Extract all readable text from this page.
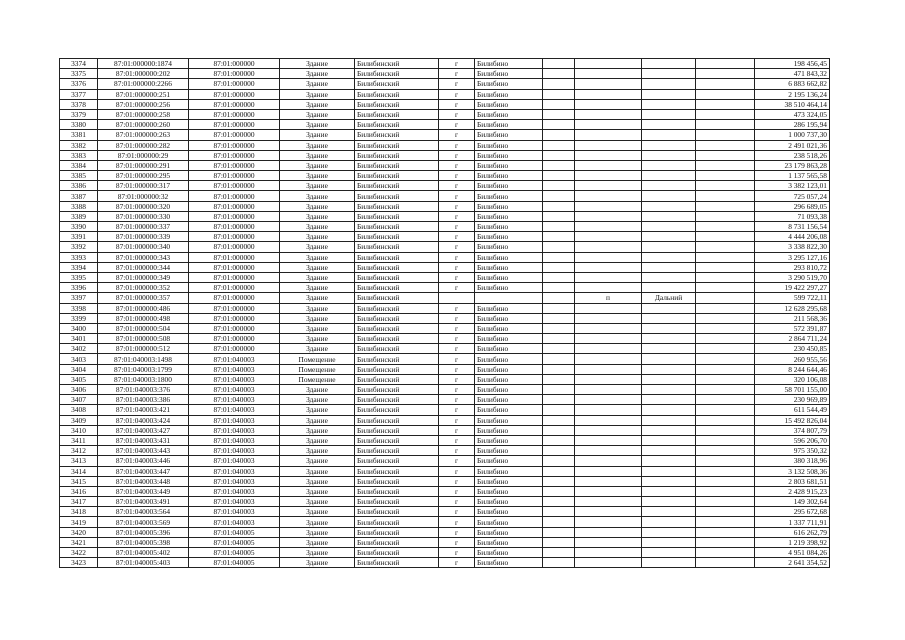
3374	87:01:000000:1874	87:01:000000	Здание	Билибинский	г	Билибино					198 456,45
3375	87:01:000000:202	87:01:000000	Здание	Билибинский	г	Билибино					471 843,32
3376	87:01:000000:2266	87:01:000000	Здание	Билибинский	г	Билибино					6 883 662,82
3377	87:01:000000:251	87:01:000000	Здание	Билибинский	г	Билибино					2 195 136,24
3378	87:01:000000:256	87:01:000000	Здание	Билибинский	г	Билибино					38 510 464,14
3379	87:01:000000:258	87:01:000000	Здание	Билибинский	г	Билибино					473 324,05
3380	87:01:000000:260	87:01:000000	Здание	Билибинский	г	Билибино					286 195,94
3381	87:01:000000:263	87:01:000000	Здание	Билибинский	г	Билибино					1 000 737,30
3382	87:01:000000:282	87:01:000000	Здание	Билибинский	г	Билибино					2 491 021,36
3383	87:01:000000:29	87:01:000000	Здание	Билибинский	г	Билибино					238 518,26
3384	87:01:000000:291	87:01:000000	Здание	Билибинский	г	Билибино					23 179 863,28
3385	87:01:000000:295	87:01:000000	Здание	Билибинский	г	Билибино					1 137 565,58
3386	87:01:000000:317	87:01:000000	Здание	Билибинский	г	Билибино					3 382 123,01
3387	87:01:000000:32	87:01:000000	Здание	Билибинский	г	Билибино					725 057,24
3388	87:01:000000:320	87:01:000000	Здание	Билибинский	г	Билибино					296 689,05
3389	87:01:000000:330	87:01:000000	Здание	Билибинский	г	Билибино					71 093,38
3390	87:01:000000:337	87:01:000000	Здание	Билибинский	г	Билибино					8 731 156,54
3391	87:01:000000:339	87:01:000000	Здание	Билибинский	г	Билибино					4 444 206,08
3392	87:01:000000:340	87:01:000000	Здание	Билибинский	г	Билибино					3 338 822,30
3393	87:01:000000:343	87:01:000000	Здание	Билибинский	г	Билибино					3 295 127,16
3394	87:01:000000:344	87:01:000000	Здание	Билибинский	г	Билибино					293 810,72
3395	87:01:000000:349	87:01:000000	Здание	Билибинский	г	Билибино					3 290 519,70
3396	87:01:000000:352	87:01:000000	Здание	Билибинский	г	Билибино					19 422 297,27
3397	87:01:000000:357	87:01:000000	Здание	Билибинский				п	Дальний		599 722,11
3398	87:01:000000:486	87:01:000000	Здание	Билибинский	г	Билибино					12 628 295,68
3399	87:01:000000:498	87:01:000000	Здание	Билибинский	г	Билибино					211 568,36
3400	87:01:000000:504	87:01:000000	Здание	Билибинский	г	Билибино					572 391,87
3401	87:01:000000:508	87:01:000000	Здание	Билибинский	г	Билибино					2 864 711,24
3402	87:01:000000:512	87:01:000000	Здание	Билибинский	г	Билибино					230 450,85
3403	87:01:040003:1498	87:01:040003	Помещение	Билибинский	г	Билибино					260 955,56
3404	87:01:040003:1799	87:01:040003	Помещение	Билибинский	г	Билибино					8 244 644,46
3405	87:01:040003:1800	87:01:040003	Помещение	Билибинский	г	Билибино					320 106,08
3406	87:01:040003:376	87:01:040003	Здание	Билибинский	г	Билибино					58 701 155,00
3407	87:01:040003:386	87:01:040003	Здание	Билибинский	г	Билибино					230 969,89
3408	87:01:040003:421	87:01:040003	Здание	Билибинский	г	Билибино					611 544,49
3409	87:01:040003:424	87:01:040003	Здание	Билибинский	г	Билибино					15 492 826,04
3410	87:01:040003:427	87:01:040003	Здание	Билибинский	г	Билибино					374 807,79
3411	87:01:040003:431	87:01:040003	Здание	Билибинский	г	Билибино					596 206,70
3412	87:01:040003:443	87:01:040003	Здание	Билибинский	г	Билибино					975 350,32
3413	87:01:040003:446	87:01:040003	Здание	Билибинский	г	Билибино					380 318,96
3414	87:01:040003:447	87:01:040003	Здание	Билибинский	г	Билибино					3 132 508,36
3415	87:01:040003:448	87:01:040003	Здание	Билибинский	г	Билибино					2 803 681,51
3416	87:01:040003:449	87:01:040003	Здание	Билибинский	г	Билибино					2 428 915,23
3417	87:01:040003:491	87:01:040003	Здание	Билибинский	г	Билибино					149 302,64
3418	87:01:040003:564	87:01:040003	Здание	Билибинский	г	Билибино					295 672,68
3419	87:01:040003:569	87:01:040003	Здание	Билибинский	г	Билибино					1 337 711,91
3420	87:01:040005:396	87:01:040005	Здание	Билибинский	г	Билибино					616 262,79
3421	87:01:040005:398	87:01:040005	Здание	Билибинский	г	Билибино					1 219 398,92
3422	87:01:040005:402	87:01:040005	Здание	Билибинский	г	Билибино					4 951 084,26
3423	87:01:040005:403	87:01:040005	Здание	Билибинский	г	Билибино					2 641 354,52
